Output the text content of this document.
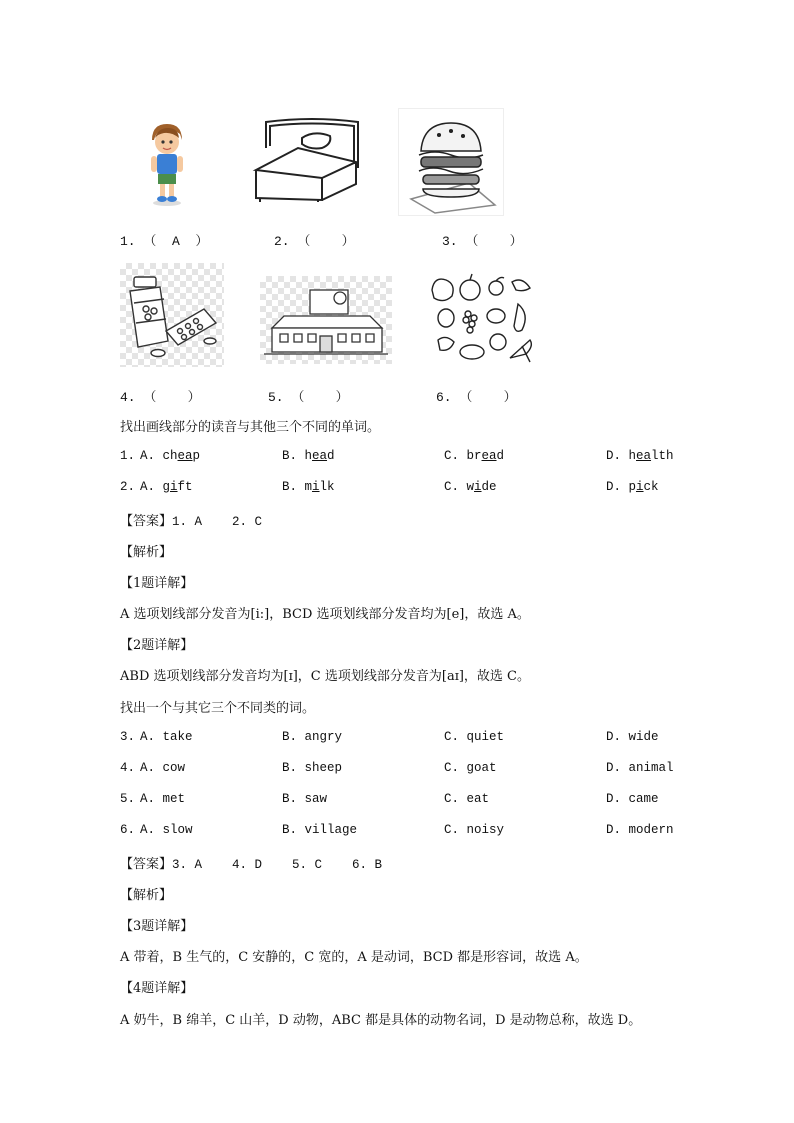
1. （  A  ）	2. （    ）	3. （    ）
4. （    ）	5. （    ）	6. （    ）
找出画线部分的读音与其他三个不同的单词。
1. A. cheap	B. head	C. bread	D. health
2. A. gift	B. milk	C. wide	D. pick
【答案】1. A    2. C
【解析】
【1题详解】
A 选项划线部分发音为[i:]，BCD 选项划线部分发音均为[e]，故选 A。
【2题详解】
ABD 选项划线部分发音均为[ɪ]，C 选项划线部分发音为[aɪ]，故选 C。
找出一个与其它三个不同类的词。
3. A. take	B. angry	C. quiet	D. wide
4. A. cow	B. sheep	C. goat	D. animal
5. A. met	B. saw	C. eat	D. came
6. A. slow	B. village	C. noisy	D. modern
【答案】3. A    4. D    5. C    6. B
【解析】
【3题详解】
A 带着，B 生气的，C 安静的，C 宽的，A 是动词，BCD 都是形容词，故选 A。
【4题详解】
A 奶牛，B 绵羊，C 山羊，D 动物，ABC 都是具体的动物名词，D 是动物总称，故选 D。
